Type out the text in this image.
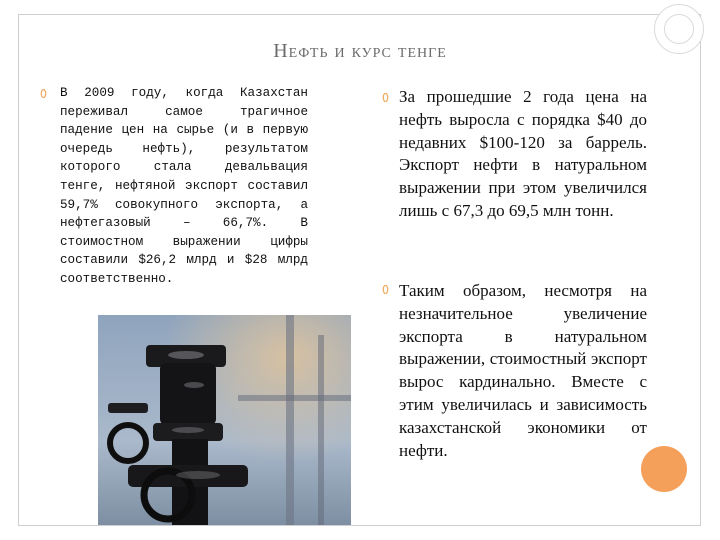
Нефть и курс тенге

В 2009 году, когда Казахстан переживал самое трагичное падение цен на сырье (и в первую очередь нефть), результатом которого стала девальвация тенге, нефтяной экспорт составил 59,7% совокупного экспорта, а нефтегазовый – 66,7%. В стоимостном выражении цифры составили $26,2 млрд и $28 млрд соответственно.

За прошедшие 2 года цена на нефть выросла с порядка $40 до недавних $100-120 за баррель. Экспорт нефти в натуральном выражении при этом увеличился лишь с 67,3 до 69,5 млн тонн.

Таким образом, несмотря на незначительное увеличение экспорта в натуральном выражении, стоимостный экспорт вырос кардинально. Вместе с этим увеличилась и зависимость казахстанской экономики от нефти.
